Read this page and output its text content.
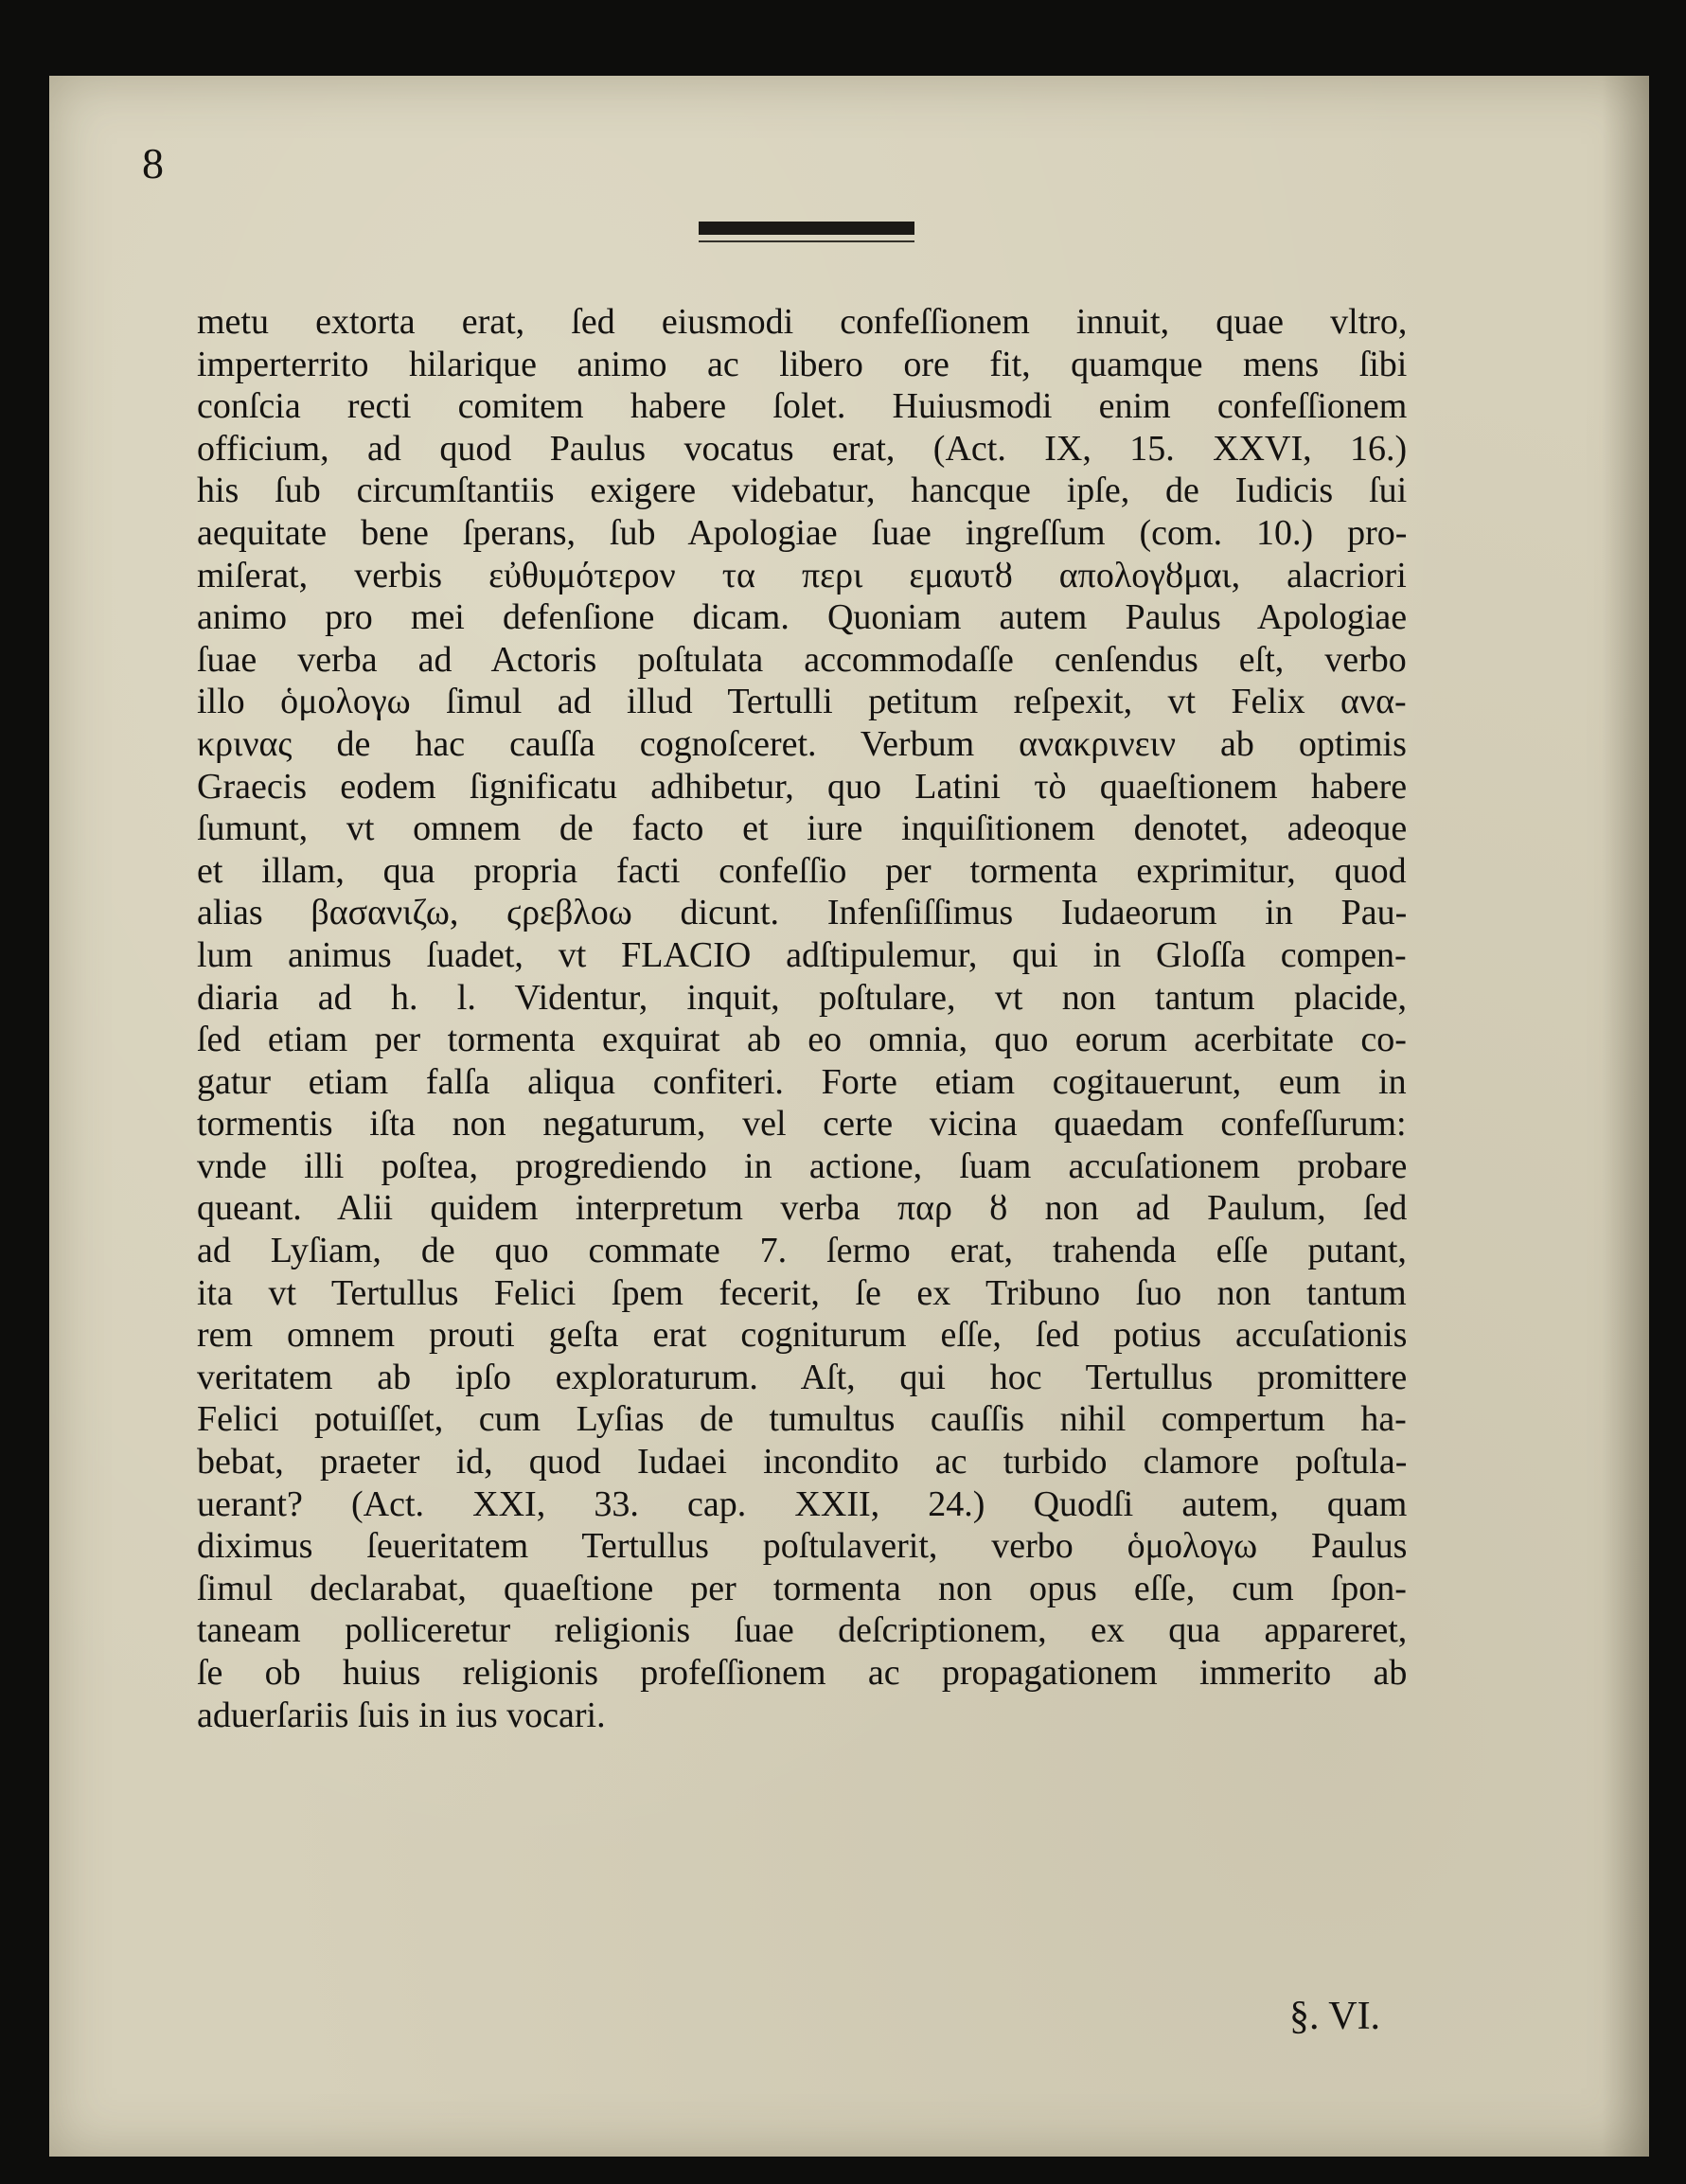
8
metu extorta erat, ſed eiusmodi confeſſionem innuit, quae vltro,
imperterrito hilarique animo ac libero ore fit, quamque mens ſibi
conſcia recti comitem habere ſolet. Huiusmodi enim confeſſionem
officium, ad quod Paulus vocatus erat, (Act. IX, 15. XXVI, 16.)
his ſub circumſtantiis exigere videbatur, hancque ipſe, de Iudicis ſui
aequitate bene ſperans, ſub Apologiae ſuae ingreſſum (com. 10.) pro-
miſerat, verbis εὐθυμότερον τα περι εμαυτȣ απολογȣμαι, alacriori
animo pro mei defenſione dicam. Quoniam autem Paulus Apologiae
ſuae verba ad Actoris poſtulata accommodaſſe cenſendus eſt, verbo
illo ὁμολογω ſimul ad illud Tertulli petitum reſpexit, vt Felix ανα-
κρινας de hac cauſſa cognoſceret. Verbum ανακρινειν ab optimis
Graecis eodem ſignificatu adhibetur, quo Latini τὸ quaeſtionem habere
ſumunt, vt omnem de facto et iure inquiſitionem denotet, adeoque
et illam, qua propria facti confeſſio per tormenta exprimitur, quod
alias βασανιζω, ϛρεβλοω dicunt. Infenſiſſimus Iudaeorum in Pau-
lum animus ſuadet, vt FLACIO adſtipulemur, qui in Gloſſa compen-
diaria ad h. l. Videntur, inquit, poſtulare, vt non tantum placide,
ſed etiam per tormenta exquirat ab eo omnia, quo eorum acerbitate co-
gatur etiam falſa aliqua confiteri. Forte etiam cogitauerunt, eum in
tormentis iſta non negaturum, vel certe vicina quaedam confeſſurum:
vnde illi poſtea, progrediendo in actione, ſuam accuſationem probare
queant. Alii quidem interpretum verba παρ ȣ non ad Paulum, ſed
ad Lyſiam, de quo commate 7. ſermo erat, trahenda eſſe putant,
ita vt Tertullus Felici ſpem fecerit, ſe ex Tribuno ſuo non tantum
rem omnem prouti geſta erat cogniturum eſſe, ſed potius accuſationis
veritatem ab ipſo exploraturum. Aſt, qui hoc Tertullus promittere
Felici potuiſſet, cum Lyſias de tumultus cauſſis nihil compertum ha-
bebat, praeter id, quod Iudaei incondito ac turbido clamore poſtula-
uerant? (Act. XXI, 33. cap. XXII, 24.) Quodſi autem, quam
diximus ſeueritatem Tertullus poſtulaverit, verbo ὁμολογω Paulus
ſimul declarabat, quaeſtione per tormenta non opus eſſe, cum ſpon-
taneam polliceretur religionis ſuae deſcriptionem, ex qua appareret,
ſe ob huius religionis profeſſionem ac propagationem immerito ab
aduerſariis ſuis in ius vocari.
§. VI.
